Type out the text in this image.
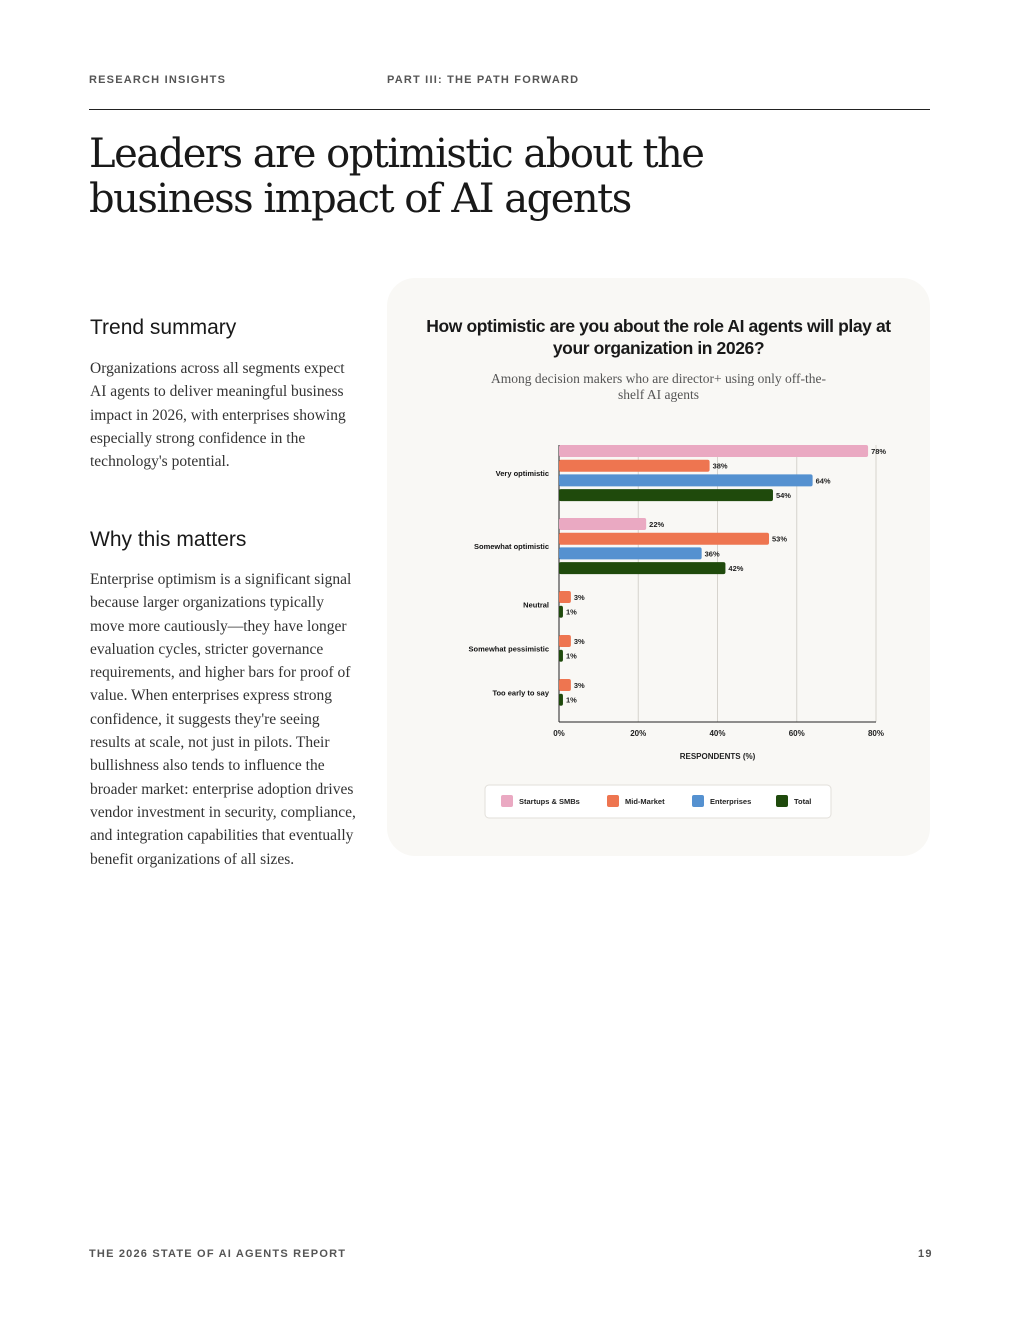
RESEARCH INSIGHTS	PART III: THE PATH FORWARD
Leaders are optimistic about the business impact of AI agents
Trend summary

Organizations across all segments expect AI agents to deliver meaningful business impact in 2026, with enterprises showing especially strong confidence in the technology's potential.

Why this matters

Enterprise optimism is a significant signal because larger organizations typically move more cautiously—they have longer evaluation cycles, stricter governance requirements, and higher bars for proof of value. When enterprises express strong confidence, it suggests they're seeing results at scale, not just in pilots. Their bullishness also tends to influence the broader market: enterprise adoption drives vendor investment in security, compliance, and integration capabilities that eventually benefit organizations of all sizes.

How optimistic are you about the role AI agents will play at your organization in 2026?
Among decision makers who are director+ using only off-the-shelf AI agents
0%	20%	40%	60%	80%
RESPONDENTS (%)
78%
38%
64%
54%
Very optimistic
22%
53%
36%
42%
Somewhat optimistic
3%
1%
Neutral
3%
1%
Somewhat pessimistic
3%
1%
Too early to say
Startups & SMBs	Mid-Market	Enterprises	Total
THE 2026 STATE OF AI AGENTS REPORT	19
